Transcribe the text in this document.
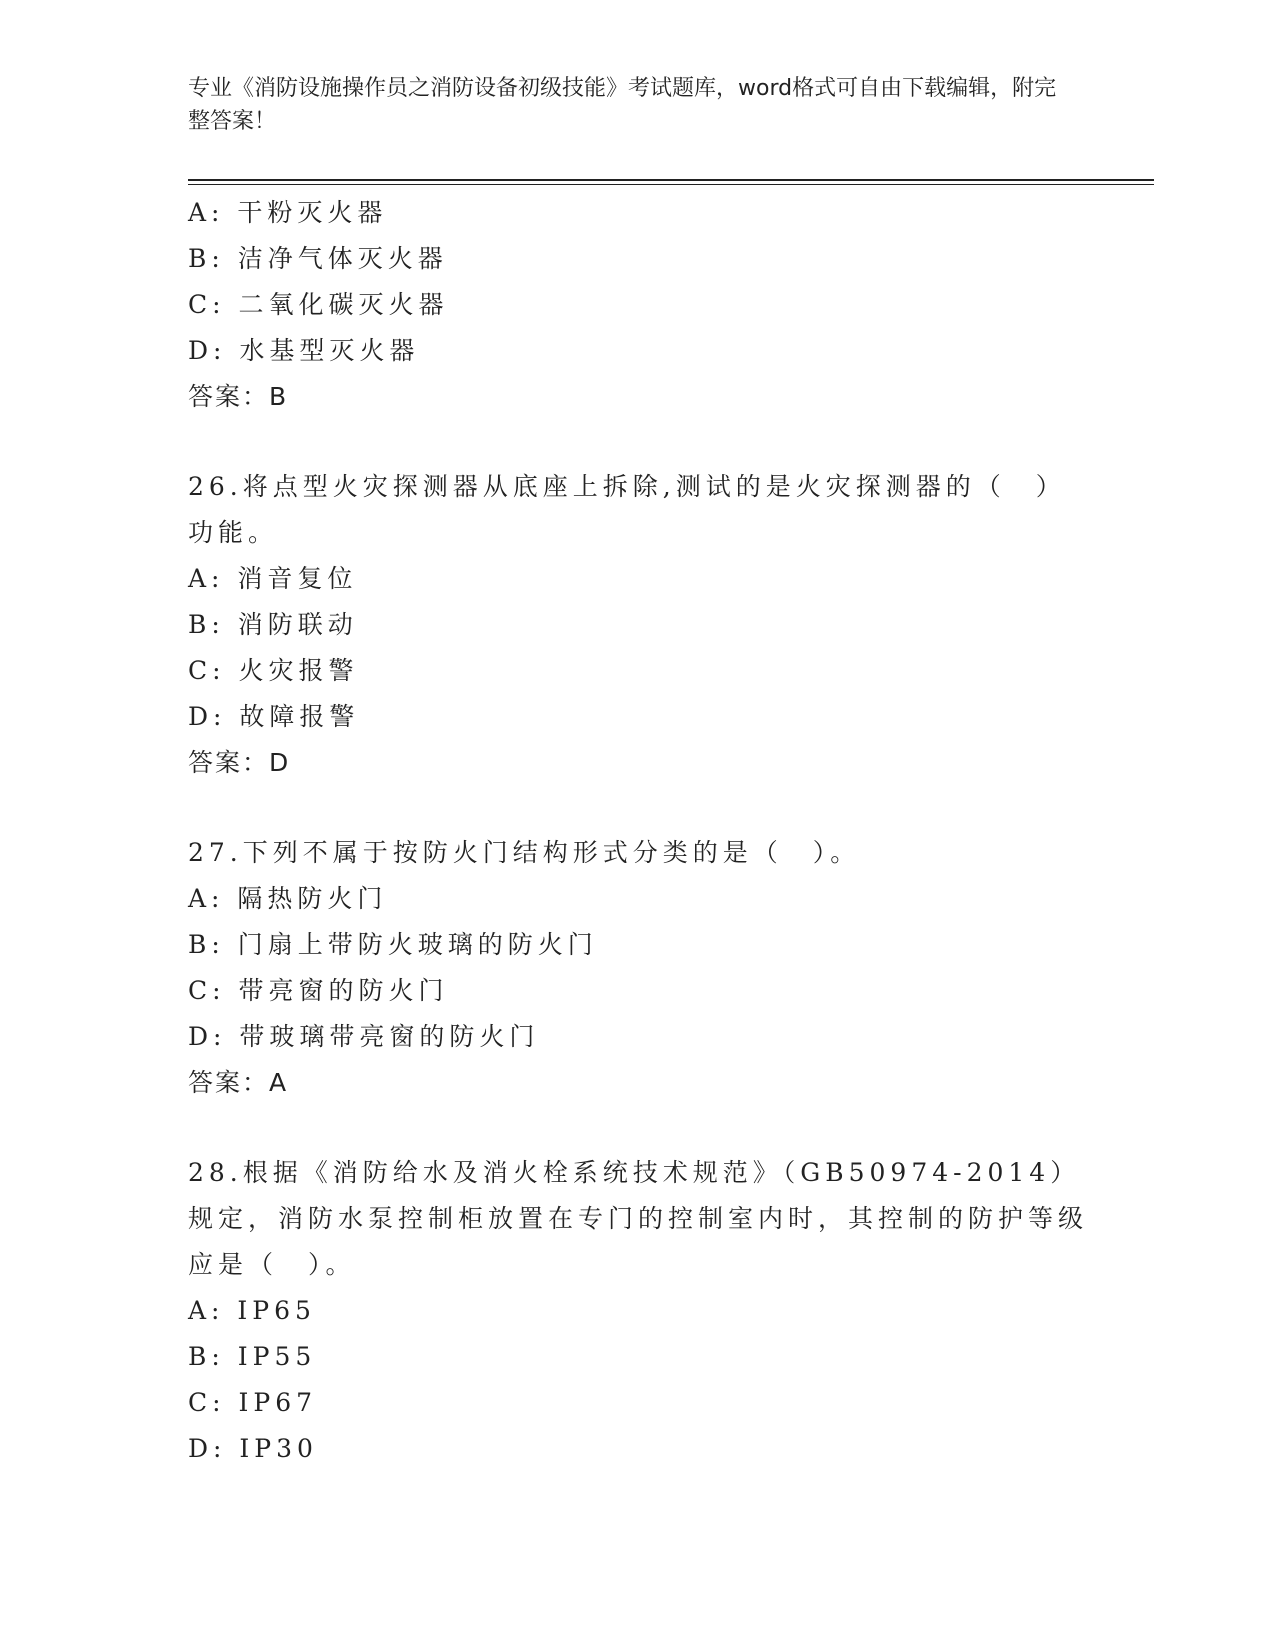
专业《消防设施操作员之消防设备初级技能》考试题库，word格式可自由下载编辑，附完整答案！
A: 干粉灭火器
B: 洁净气体灭火器
C: 二氧化碳灭火器
D: 水基型灭火器
答案：B
26.将点型火灾探测器从底座上拆除,测试的是火灾探测器的（　）功能。
A: 消音复位
B: 消防联动
C: 火灾报警
D: 故障报警
答案：D
27.下列不属于按防火门结构形式分类的是（　）。
A: 隔热防火门
B: 门扇上带防火玻璃的防火门
C: 带亮窗的防火门
D: 带玻璃带亮窗的防火门
答案：A
28.根据《消防给水及消火栓系统技术规范》（GB50974-2014）规定，消防水泵控制柜放置在专门的控制室内时，其控制的防护等级应是（　）。
A: IP65
B: IP55
C: IP67
D: IP30
